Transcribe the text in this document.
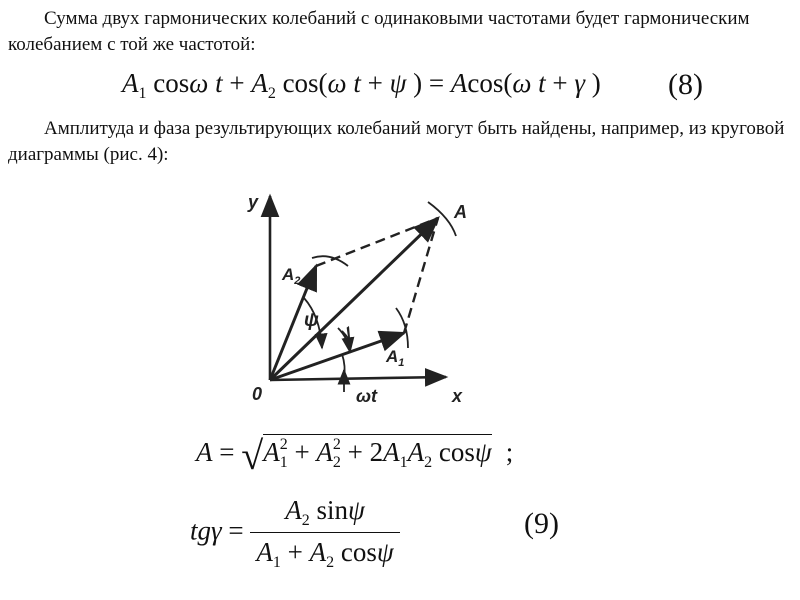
Сумма двух гармонических колебаний с одинаковыми частотами будет гармоническим колебанием с той же частотой:

$A_1$ cosω $t + A_2$ cos(ω t + ψ ) = Acos(ω t + γ ) (8)

Амплитуда и фаза результирующих колебаний могут быть найдены, например, из круговой диаграммы (рис. 4):

y
x
0
A
$A_2$
$A_1$
ψ
γ
ωt
$A = √A_1^2 + A_2^2 + 2A_1A_2$ cosψ ;
$tg\gamma = \frac{A_2 \sin\psi}{A_1 + A_2 \cos\psi}$	(9)
